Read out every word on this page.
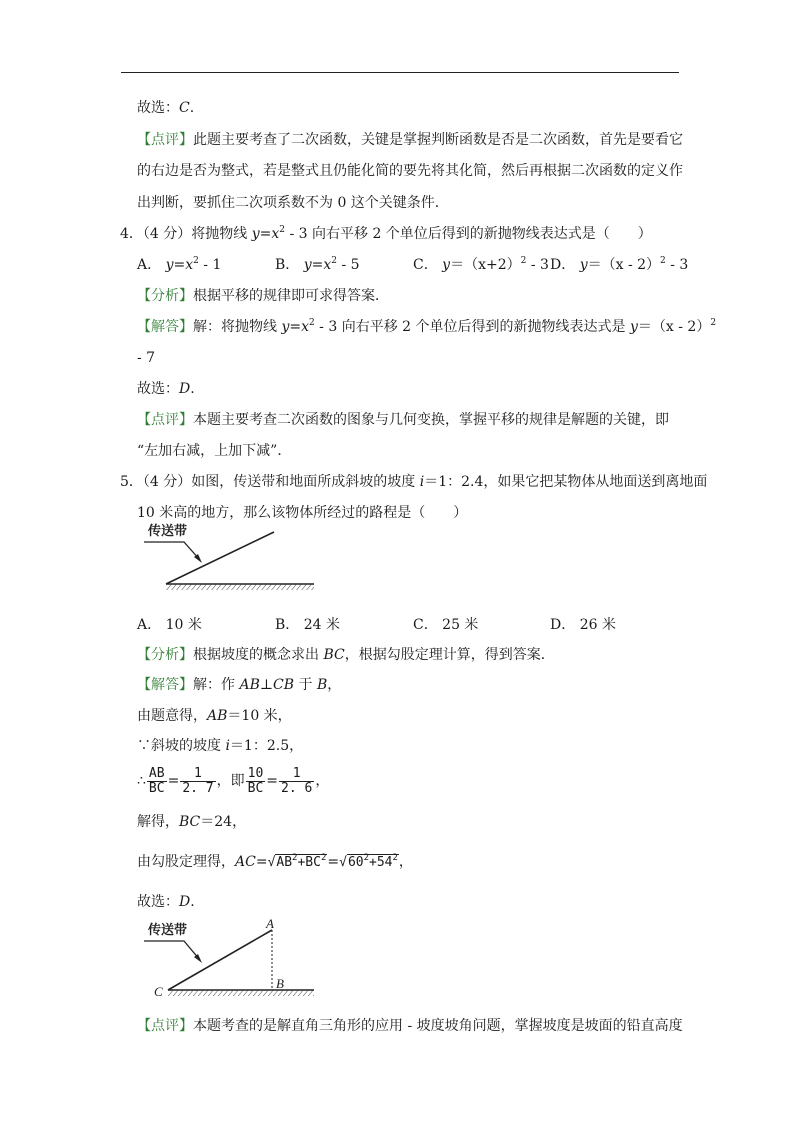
故选：C.
【点评】此题主要考查了二次函数，关键是掌握判断函数是否是二次函数，首先是要看它
的右边是否为整式，若是整式且仍能化简的要先将其化简，然后再根据二次函数的定义作
出判断，要抓住二次项系数不为 0 这个关键条件．
4．（4 分）将抛物线 $y=x^2 - 3$ 向右平移 2 个单位后得到的新抛物线表达式是（　　）
A． $y=x^2 - 1$	B． $y=x^2 - 5$	C． $y=(x+2)^2 - 3$ D． y＝（x - 2）$^2$ - 3
【分析】根据平移的规律即可求得答案．
【解答】解：将抛物线 $y=x^2 - 3$ 向右平移 2 个单位后得到的新抛物线表达式是 y＝（x - 2）$^2$
- 7
故选：D.
【点评】本题主要考查二次函数的图象与几何变换，掌握平移的规律是解题的关键，即
“左加右减，上加下减”．
5．（4 分）如图，传送带和地面所成斜坡的坡度 i＝1：2.4，如果它把某物体从地面送到离地面
10 米高的地方，那么该物体所经过的路程是（　　）
传送带
A． 10 米	B． 24 米	C． 25 米	D． 26 米
【分析】根据坡度的概念求出 BC，根据勾股定理计算，得到答案．
【解答】解：作 AB⊥CB 于 B，
由题意得，AB＝10 米，
∵斜坡的坡度 i＝1：2.5，
∴ $\frac{AB}{BC} = \frac{1}{2. 7}$ ，即 $\frac{10}{BC} = \frac{1}{2. 6}$ ，
解得，BC＝24，
由勾股定理得，$AC=√AB^2+BC^2=√60^2+54^2$，
故选：D.
传送带	A
B
C
【点评】本题考查的是解直角三角形的应用 - 坡度坡角问题，掌握坡度是坡面的铅直高度
